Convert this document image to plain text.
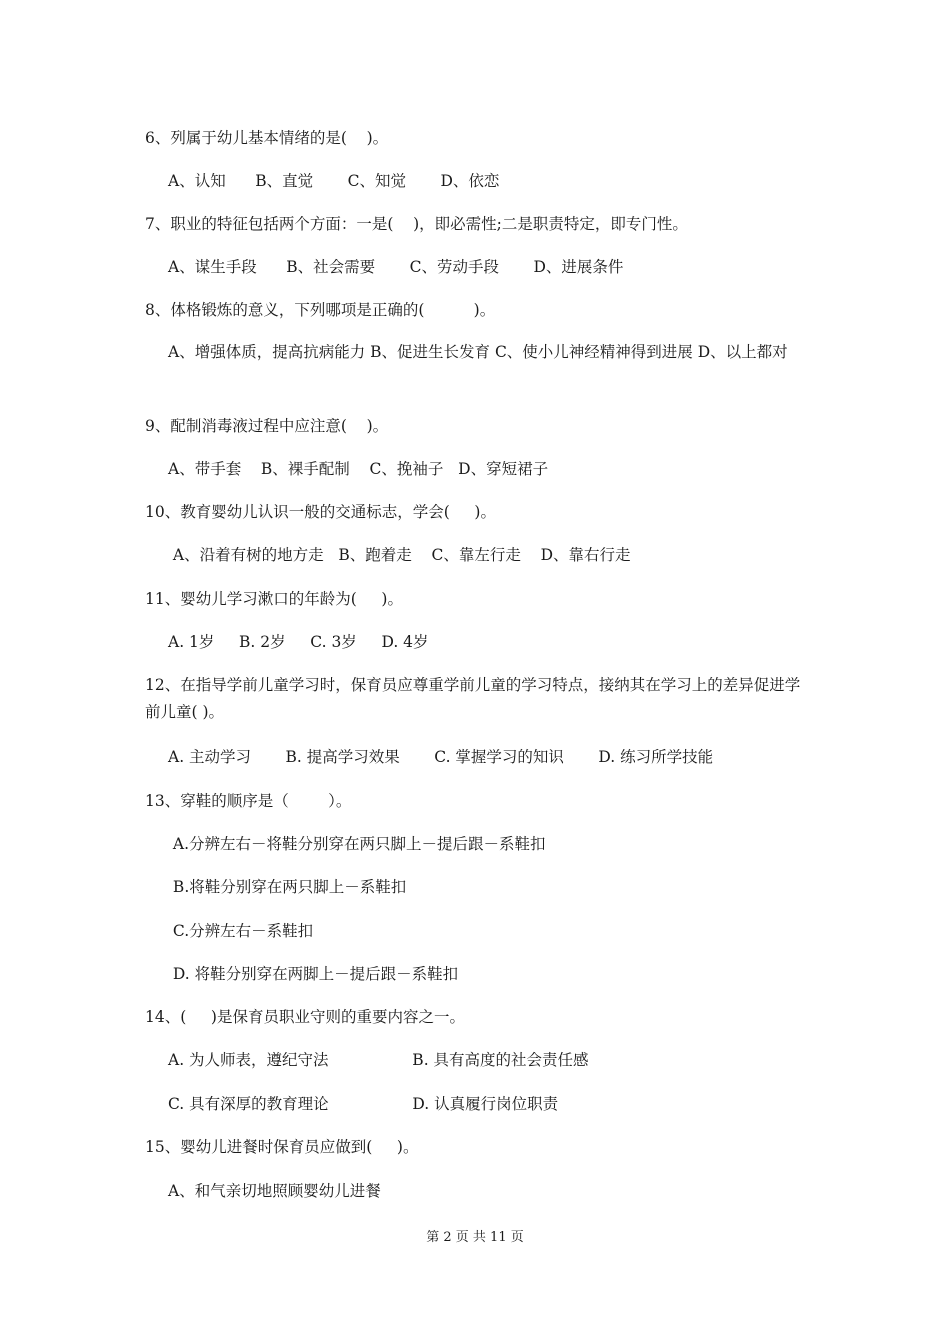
6、列属于幼儿基本情绪的是(    )。
A、认知      B、直觉       C、知觉       D、依恋
7、职业的特征包括两个方面：一是(    )，即必需性;二是职责特定，即专门性。
A、谋生手段      B、社会需要       C、劳动手段       D、进展条件
8、体格锻炼的意义，下列哪项是正确的(          )。
A、增强体质，提高抗病能力 B、促进生长发育 C、使小儿神经精神得到进展 D、以上都对
9、配制消毒液过程中应注意(    )。
A、带手套    B、裸手配制    C、挽袖子   D、穿短裙子
10、教育婴幼儿认识一般的交通标志，学会(     )。
A、沿着有树的地方走   B、跑着走    C、靠左行走    D、靠右行走
11、婴幼儿学习漱口的年龄为(     )。
A. 1岁     B. 2岁     C. 3岁     D. 4岁
12、在指导学前儿童学习时，保育员应尊重学前儿童的学习特点，接纳其在学习上的差异促进学前儿童( )。
A. 主动学习       B. 提高学习效果       C. 掌握学习的知识       D. 练习所学技能
13、穿鞋的顺序是（        ）。
A.分辨左右－将鞋分别穿在两只脚上－提后跟－系鞋扣
B.将鞋分别穿在两只脚上－系鞋扣
C.分辨左右－系鞋扣
D. 将鞋分别穿在两脚上－提后跟－系鞋扣
14、(     )是保育员职业守则的重要内容之一。
A. 为人师表，遵纪守法                 B. 具有高度的社会责任感
C. 具有深厚的教育理论                 D. 认真履行岗位职责
15、婴幼儿进餐时保育员应做到(     )。
A、和气亲切地照顾婴幼儿进餐
第 2 页 共 11 页
